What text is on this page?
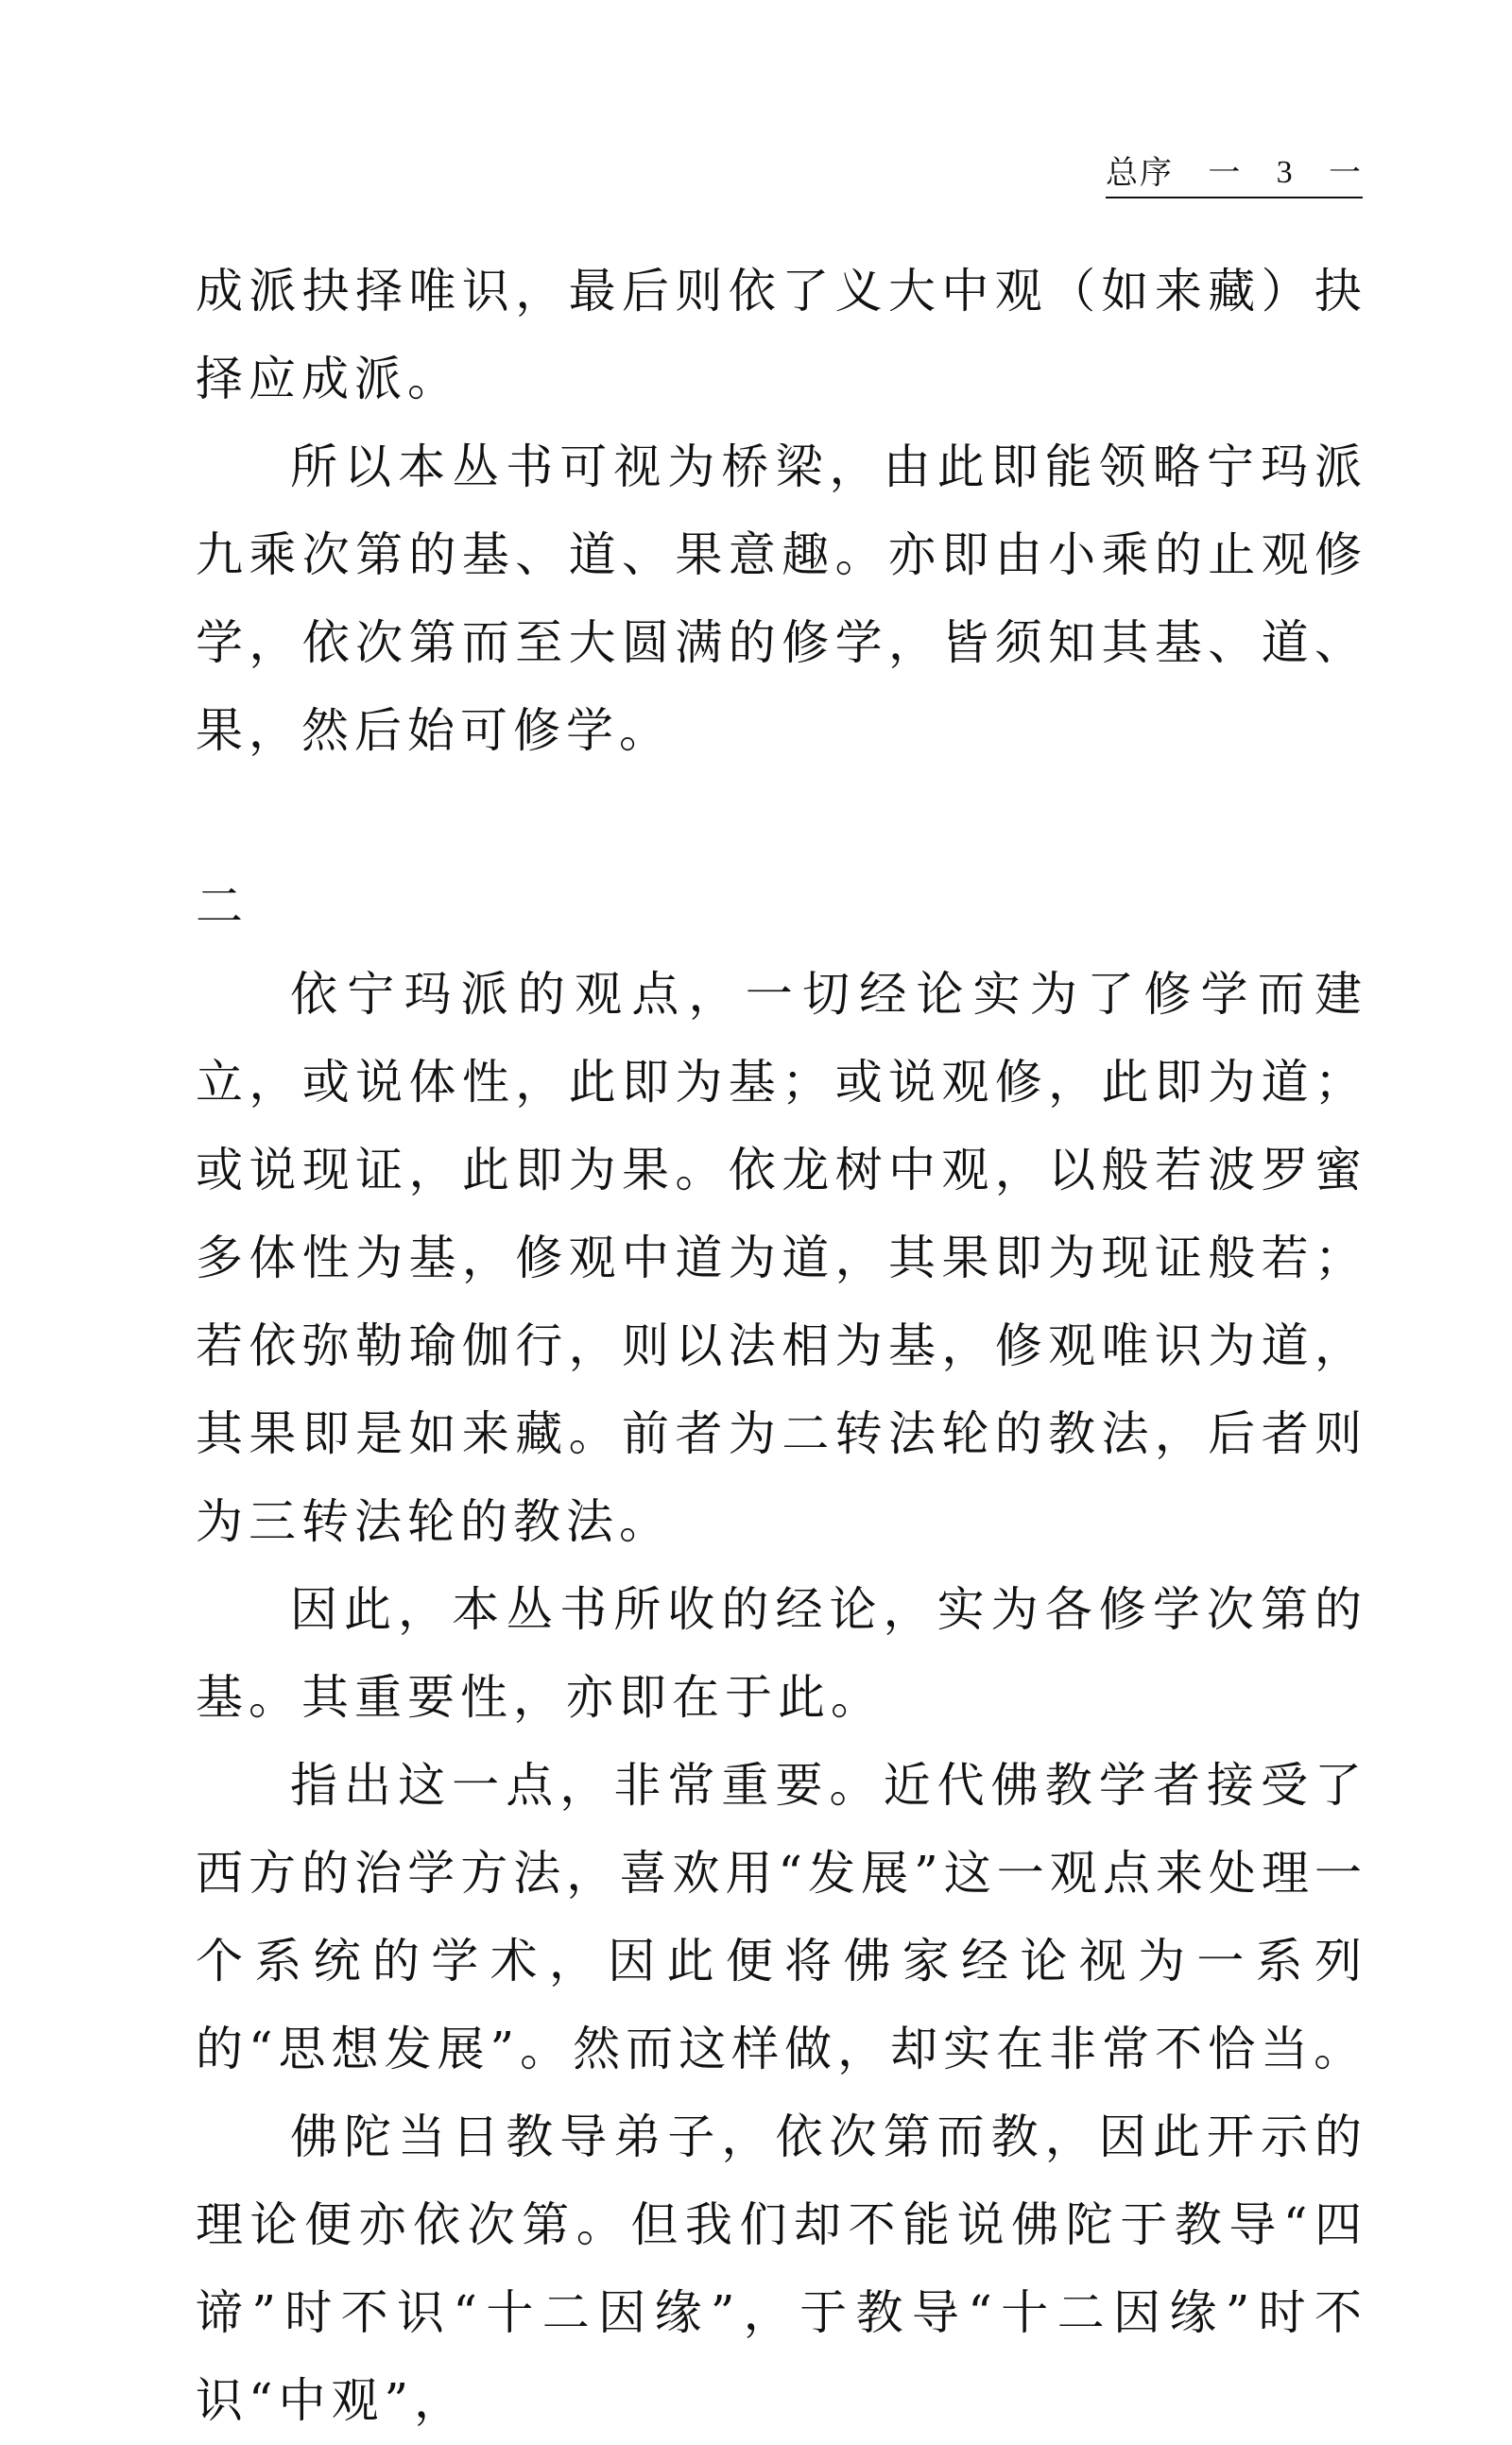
总序 一 3 一

成派抉择唯识，最后则依了义大中观（如来藏）抉择应成派。

所以本丛书可视为桥梁，由此即能领略宁玛派九乘次第的基、道、果意趣。亦即由小乘的止观修学，依次第而至大圆满的修学，皆须知其基、道、果，然后始可修学。

二

依宁玛派的观点，一切经论实为了修学而建立，或说体性，此即为基；或说观修，此即为道；或说现证，此即为果。依龙树中观，以般若波罗蜜多体性为基，修观中道为道，其果即为现证般若；若依弥勒瑜伽行，则以法相为基，修观唯识为道，其果即是如来藏。前者为二转法轮的教法，后者则为三转法轮的教法。

因此，本丛书所收的经论，实为各修学次第的基。其重要性，亦即在于此。

指出这一点，非常重要。近代佛教学者接受了西方的治学方法，喜欢用“发展”这一观点来处理一个系统的学术，因此便将佛家经论视为一系列的“思想发展”。然而这样做，却实在非常不恰当。

佛陀当日教导弟子，依次第而教，因此开示的理论便亦依次第。但我们却不能说佛陀于教导“四谛”时不识“十二因缘”，于教导“十二因缘”时不识“中观”，
